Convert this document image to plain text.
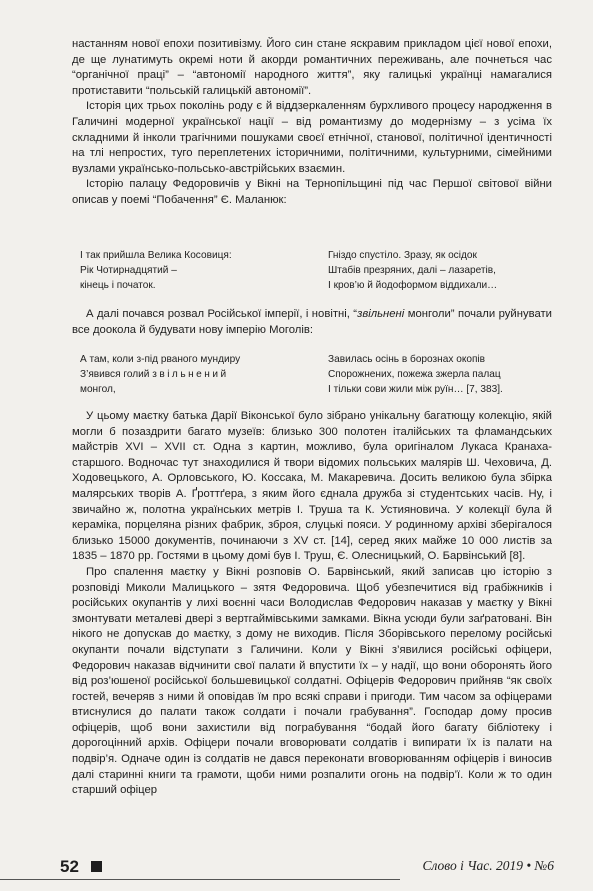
настанням нової епохи позитивізму. Його син стане яскравим прикладом цієї нової епохи, де ще лунатимуть окремі ноти й акорди романтичних переживань, але почнеться час “органічної праці” – “автономії народного життя”, яку галицькі українці намагалися протиставити “польській галицькій автономії”.

Історія цих трьох поколінь роду є й віддзеркаленням бурхливого процесу народження в Галичині модерної української нації – від романтизму до модернізму – з усіма їх складними й інколи трагічними пошуками своєї етнічної, станової, політичної ідентичності на тлі непростих, туго переплетених історичними, політичними, культурними, сімейними вузлами українсько-польсько-австрійських взаємин.

Історію палацу Федоровичів у Вікні на Тернопільщині під час Першої світової війни описав у поемі “Побачення” Є. Маланюк:

І так прийшла Велика Косовиця:
Рік Чотирнадцятий –
кінець і початок.
Гніздо спустіло. Зразу, як осідок
Штабів презряних, далі – лазаретів,
І кров’ю й йодоформом віддихали…

А далі почався розвал Російської імперії, і новітні, “звільнені монголи” почали руйнувати все доокола й будувати нову імперію Моголів:

А там, коли з-під рваного мундиру
З’явився голий звільнений
монгол,
Завилась осінь в борознах окопів
Спорожнених, пожежа зжерла палац
І тільки сови жили між руїн… [7, 383].

У цьому маєтку батька Дарії Віконської було зібрано унікальну багатющу колекцію, якій могли б позаздрити багато музеїв: близько 300 полотен італійських та фламандських майстрів XVI – XVII ст. Одна з картин, можливо, була оригіналом Лукаса Кранаха-старшого. Водночас тут знаходилися й твори відомих польських малярів Ш. Чеховича, Д. Ходовецького, А. Орловського, Ю. Коссака, М. Макаревича. Досить великою була збірка малярських творів А. Ґроттґера, з яким його єднала дружба зі студентських часів. Ну, і звичайно ж, полотна українських метрів І. Труша та К. Устияновича. У колекції була й кераміка, порцеляна різних фабрик, зброя, слуцькі пояси. У родинному архіві зберігалося близько 15000 документів, починаючи з XV ст. [14], серед яких майже 10 000 листів за 1835 – 1870 рр. Гостями в цьому домі був І. Труш, Є. Олесницький, О. Барвінський [8].

Про спалення маєтку у Вікні розповів О. Барвінський, який записав цю історію з розповіді Миколи Малицького – зятя Федоровича. Щоб убезпечитися від грабіжників і російських окупантів у лихі воєнні часи Володислав Федорович наказав у маєтку у Вікні змонтувати металеві двері з вертгаймівськими замками. Вікна усюди були заґратовані. Він нікого не допускав до маєтку, з дому не виходив. Після Зборівського перелому російські окупанти почали відступати з Галичини. Коли у Вікні з’явилися російські офіцери, Федорович наказав відчинити свої палати й впустити їх – у надії, що вони оборонять його від роз’юшеної російської большевицької солдатні. Офіцерів Федорович прийняв “як своїх гостей, вечеряв з ними й оповідав їм про всякі справи і пригоди. Тим часом за офіцерами втиснулися до палати також солдати і почали грабування”. Господар дому просив офіцерів, щоб вони захистили від пограбування “бодай його багату бібліотеку і дорогоцінний архів. Офіцери почали вговорювати солдатів і випирати їх із палати на подвір’я. Одначе один із солдатів не дався переконати вговорюванням офіцерів і виносив далі старинні книги та грамоти, щоби ними розпалити огонь на подвір’ї. Коли ж то один старший офіцер

52	Слово і Час. 2019 • №6
